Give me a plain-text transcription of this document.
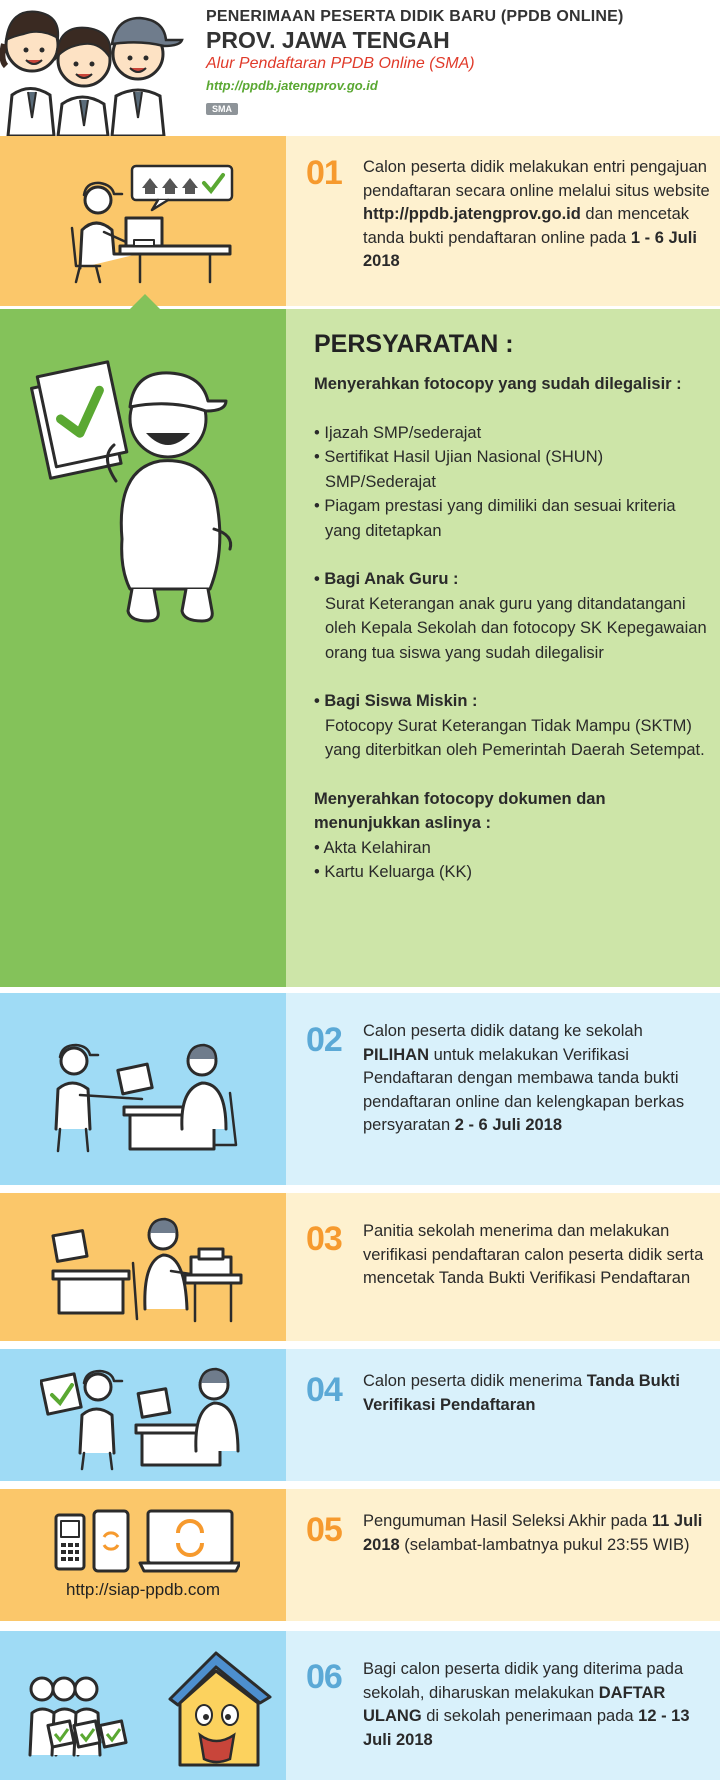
PENERIMAAN PESERTA DIDIK BARU (PPDB ONLINE)
PROV. JAWA TENGAH
Alur Pendaftaran PPDB Online (SMA)
http://ppdb.jatengprov.go.id
SMA
01 Calon peserta didik melakukan entri pengajuan pendaftaran secara online melalui situs website http://ppdb.jatengprov.go.id dan mencetak tanda bukti pendaftaran online pada 1 - 6 Juli 2018
PERSYARATAN :

Menyerahkan fotocopy yang sudah dilegalisir :

• Ijazah SMP/sederajat

• Sertifikat Hasil Ujian Nasional (SHUN) SMP/Sederajat

• Piagam prestasi yang dimiliki dan sesuai kriteria yang ditetapkan

• Bagi Anak Guru :

Surat Keterangan anak guru yang ditandatangani oleh Kepala Sekolah dan fotocopy SK Kepegawaian orang tua siswa yang sudah dilegalisir

• Bagi Siswa Miskin :

Fotocopy Surat Keterangan Tidak Mampu (SKTM) yang diterbitkan oleh Pemerintah Daerah Setempat.

Menyerahkan fotocopy dokumen dan menunjukkan aslinya :

• Akta Kelahiran

• Kartu Keluarga (KK)

02 Calon peserta didik datang ke sekolah PILIHAN untuk melakukan Verifikasi Pendaftaran dengan membawa tanda bukti pendaftaran online dan kelengkapan berkas persyaratan 2 - 6 Juli 2018
03 Panitia sekolah menerima dan melakukan verifikasi pendaftaran calon peserta didik serta mencetak Tanda Bukti Verifikasi Pendaftaran
04 Calon peserta didik menerima Tanda Bukti Verifikasi Pendaftaran
http://siap-ppdb.com
05 Pengumuman Hasil Seleksi Akhir pada 11 Juli 2018 (selambat-lambatnya pukul 23:55 WIB)
06 Bagi calon peserta didik yang diterima pada sekolah, diharuskan melakukan DAFTAR ULANG di sekolah penerimaan pada 12 - 13 Juli 2018
